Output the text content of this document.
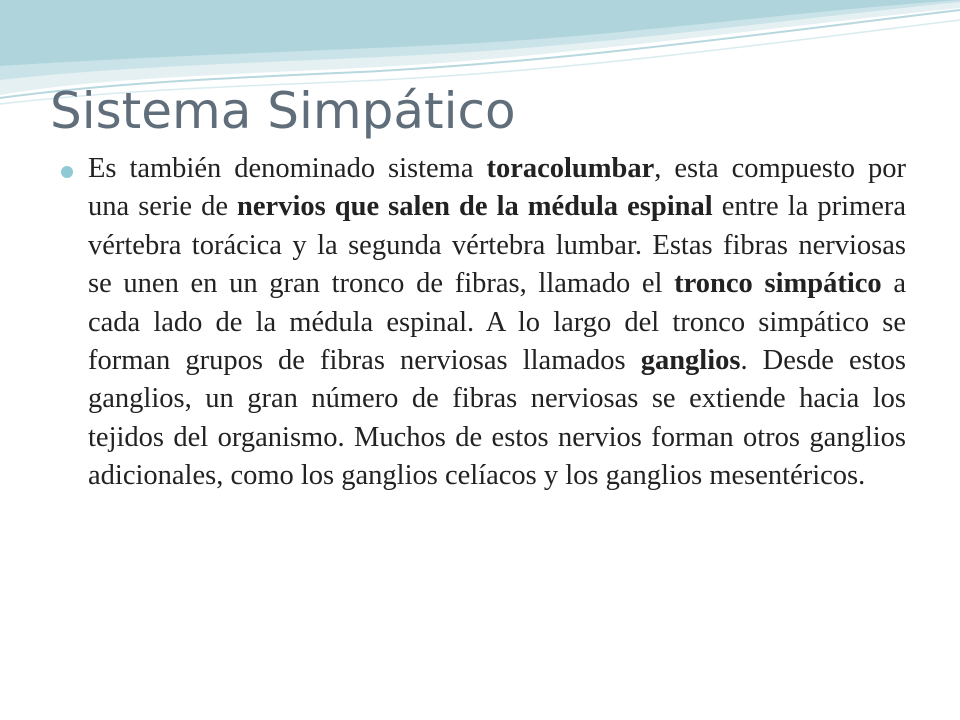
Sistema Simpático

Es también denominado sistema toracolumbar, esta compuesto por una serie de nervios que salen de la médula espinal entre la primera vértebra torácica y la segunda vértebra lumbar. Estas fibras nerviosas se unen en un gran tronco de fibras, llamado el tronco simpático a cada lado de la médula espinal. A lo largo del tronco simpático se forman grupos de fibras nerviosas llamados ganglios. Desde estos ganglios, un gran número de fibras nerviosas se extiende hacia los tejidos del organismo. Muchos de estos nervios forman otros ganglios adicionales, como los ganglios celíacos y los ganglios mesentéricos.
